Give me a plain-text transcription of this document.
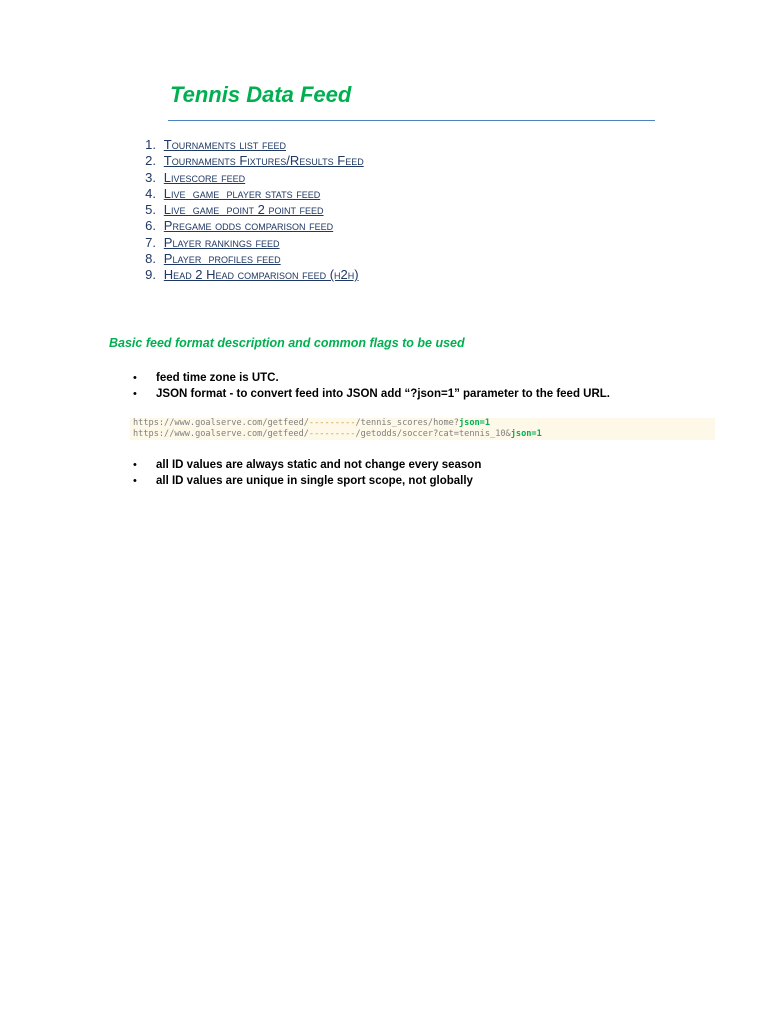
Tennis Data Feed
1. Tournaments list feed
2. Tournaments Fixtures/Results Feed
3. Livescore feed
4. Live  game  player stats feed
5. Live  game  point 2 point feed
6. Pregame odds comparison feed
7. Player rankings feed
8. Player  profiles feed
9. Head 2 Head comparison feed (h2h)
Basic feed format description and common flags to be used
•	feed time zone is UTC.
•	JSON format - to convert feed into JSON add “?json=1” parameter to the feed URL.
https://www.goalserve.com/getfeed/---------/tennis_scores/home?json=1
https://www.goalserve.com/getfeed/---------/getodds/soccer?cat=tennis_10&json=1
•	all ID values are always static and not change every season
•	all ID values are unique in single sport scope, not globally
